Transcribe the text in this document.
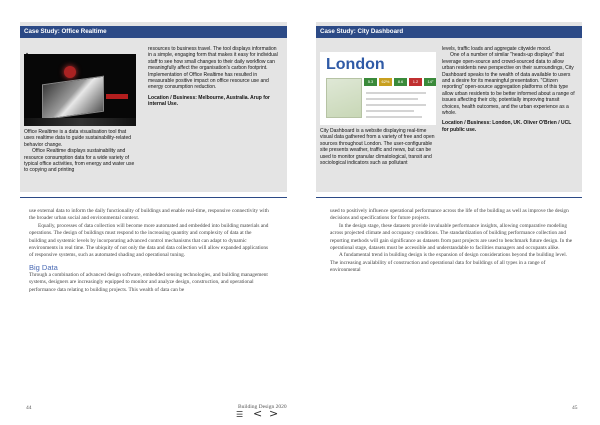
Case Study: Office Realtime

Office Realtime is a data visualisation tool that uses realtime data to guide sustainability-related behavior change.

Office Realtime displays sustainability and resource consumption data for a wide variety of typical office activities, from energy and water use to copying and printing

resources to business travel. The tool displays information in a simple, engaging form that makes it easy for individual staff to see how small changes to their daily workflow can meaningfully affect the organisation's carbon footprint. Implementation of Office Realtime has resulted in measurable positive impact on office resource use and energy consumption reduction.

Location / Business: Melbourne, Australia. Arup for internal Use.

use external data to inform the daily functionality of buildings and enable real-time, responsive connectivity with the broader urban social and environmental context.

Equally, processes of data collection will become more automated and embedded into building materials and operations. The design of buildings must respond to the increasing quantity and complexity of data at the building and systemic levels by incorporating advanced control mechanisms that can adapt to dynamic environments in real time. The ubiquity of not only the data and data collection will allow expanded applications of responsive systems, such as automated shading and operational tuning.

Big Data

Through a combination of advanced design software, embedded sensing technologies, and building management systems, designers are increasingly equipped to monitor and analyze design, construction, and operational performance data relating to building projects. This wealth of data can be

44
Case Study: City Dashboard
London
5.3	62%	8.6	1.2	14°

City Dashboard is a website displaying real-time visual data gathered from a variety of free and open sources throughout London. The user-configurable site presents weather, traffic and news, but can be used to monitor granular climatological, transit and sociological indicators such as pollutant

levels, traffic loads and aggregate citywide mood.

One of a number of similar "heads-up displays" that leverage open-source and crowd-sourced data to allow urban residents new perspective on their surroundings, City Dashboard speaks to the wealth of data available to users and a desire for its meaningful presentation. "Citizen reporting" open-source aggregation platforms of this type allow urban residents to be better informed about a range of issues affecting their city, potentially improving transit choices, health outcomes, and the urban experience as a whole.

Location / Business: London, UK. Oliver O'Brien / UCL for public use.

used to positively influence operational performance across the life of the building as well as improve the design decisions and specifications for future projects.

In the design stage, these datasets provide invaluable performance insights, allowing comparative modeling across projected climate and occupancy conditions. The standardization of building performance collection and reporting methods will gain significance as datasets from past projects are used to benchmark future design. In the operational stage, datasets must be accessible and understandable to facilities managers and occupants alike.

A fundamental trend in building design is the expansion of design considerations beyond the building level. The increasing availability of construction and operational data for buildings of all types in a range of environmental

45
Building Design 2020
☰ < >
